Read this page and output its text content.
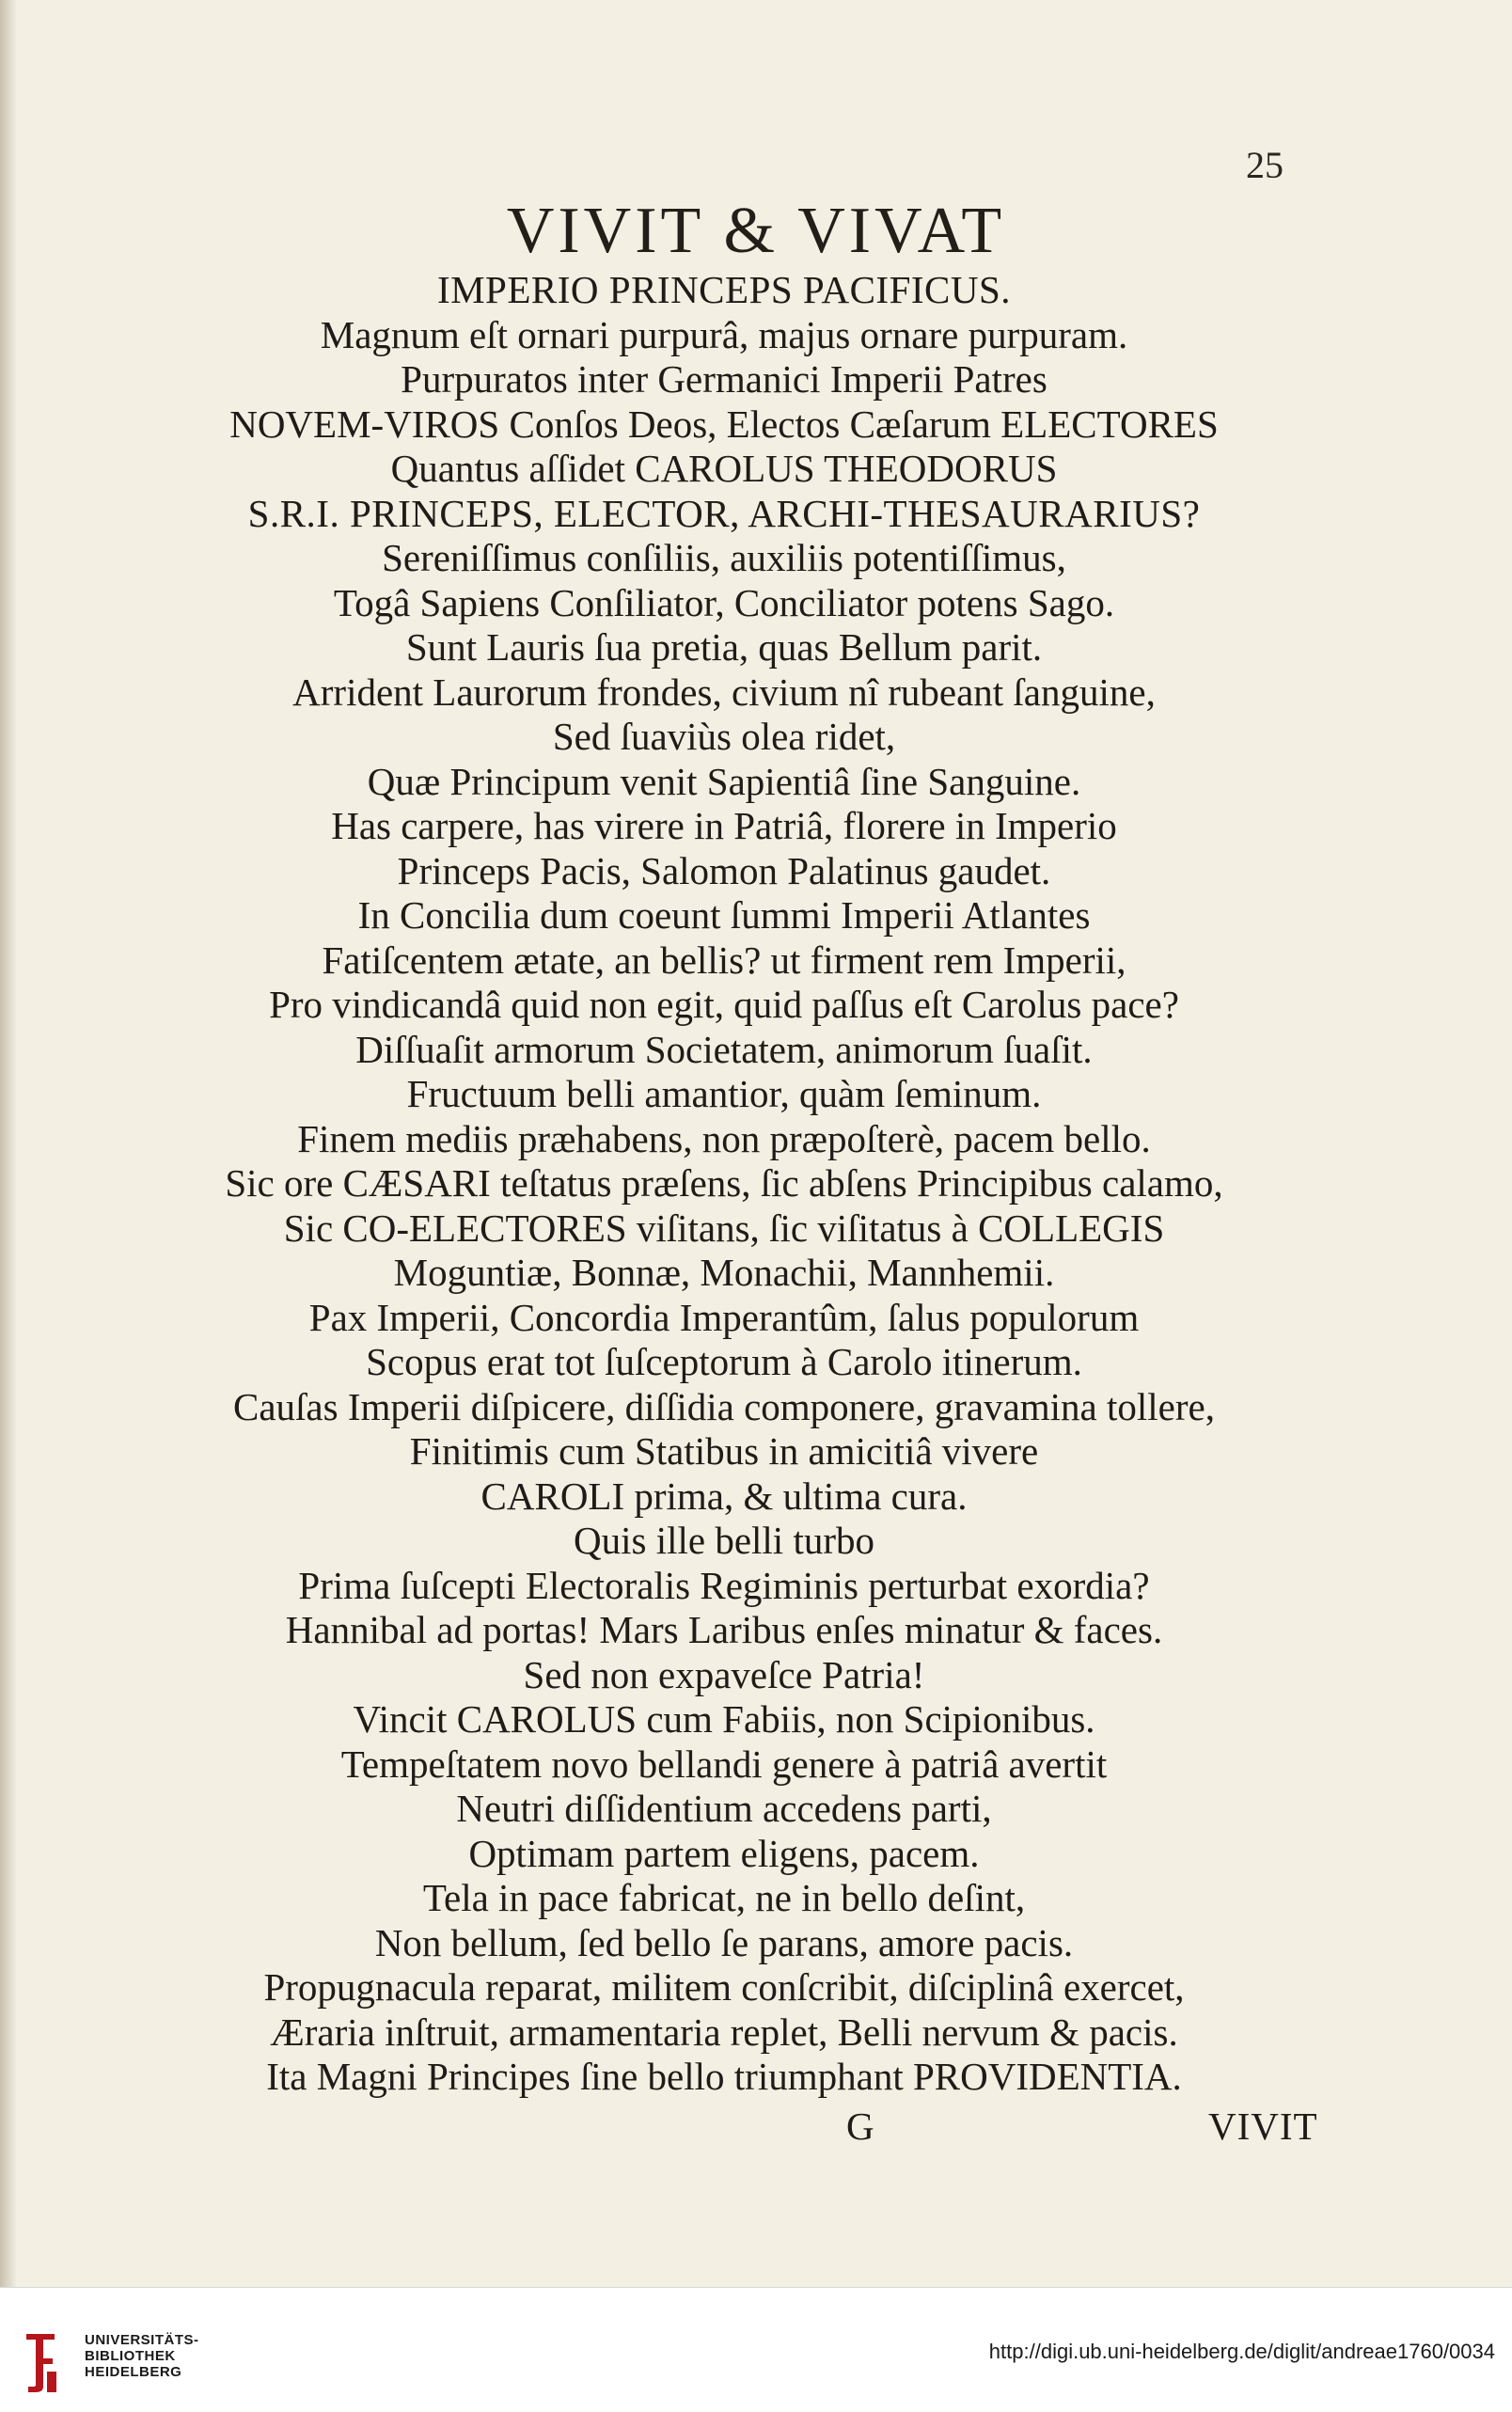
25
VIVIT & VIVAT
IMPERIO PRINCEPS PACIFICUS.
Magnum eſt ornari purpurâ, majus ornare purpuram.
Purpuratos inter Germanici Imperii Patres
NOVEM-VIROS Conſos Deos, Electos Cæſarum ELECTORES
Quantus aſſidet CAROLUS THEODORUS
S.R.I. PRINCEPS, ELECTOR, ARCHI-THESAURARIUS?
Sereniſſimus conſiliis, auxiliis potentiſſimus,
Togâ Sapiens Conſiliator, Conciliator potens Sago.
Sunt Lauris ſua pretia, quas Bellum parit.
Arrident Laurorum frondes, civium nî rubeant ſanguine,
Sed ſuaviùs olea ridet,
Quæ Principum venit Sapientiâ ſine Sanguine.
Has carpere, has virere in Patriâ, florere in Imperio
Princeps Pacis, Salomon Palatinus gaudet.
In Concilia dum coeunt ſummi Imperii Atlantes
Fatiſcentem ætate, an bellis? ut firment rem Imperii,
Pro vindicandâ quid non egit, quid paſſus eſt Carolus pace?
Diſſuaſit armorum Societatem, animorum ſuaſit.
Fructuum belli amantior, quàm ſeminum.
Finem mediis præhabens, non præpoſterè, pacem bello.
Sic ore CÆSARI teſtatus præſens, ſic abſens Principibus calamo,
Sic CO-ELECTORES viſitans, ſic viſitatus à COLLEGIS
Moguntiæ, Bonnæ, Monachii, Mannhemii.
Pax Imperii, Concordia Imperantûm, ſalus populorum
Scopus erat tot ſuſceptorum à Carolo itinerum.
Cauſas Imperii diſpicere, diſſidia componere, gravamina tollere,
Finitimis cum Statibus in amicitiâ vivere
CAROLI prima, & ultima cura.
Quis ille belli turbo
Prima ſuſcepti Electoralis Regiminis perturbat exordia?
Hannibal ad portas! Mars Laribus enſes minatur & faces.
Sed non expaveſce Patria!
Vincit CAROLUS cum Fabiis, non Scipionibus.
Tempeſtatem novo bellandi genere à patriâ avertit
Neutri diſſidentium accedens parti,
Optimam partem eligens, pacem.
Tela in pace fabricat, ne in bello deſint,
Non bellum, ſed bello ſe parans, amore pacis.
Propugnacula reparat, militem conſcribit, diſciplinâ exercet,
Æraria inſtruit, armamentaria replet, Belli nervum & pacis.
Ita Magni Principes ſine bello triumphant PROVIDENTIA.
G	VIVIT
UNIVERSITÄTS-
BIBLIOTHEK
HEIDELBERG
http://digi.ub.uni-heidelberg.de/diglit/andreae1760/0034
